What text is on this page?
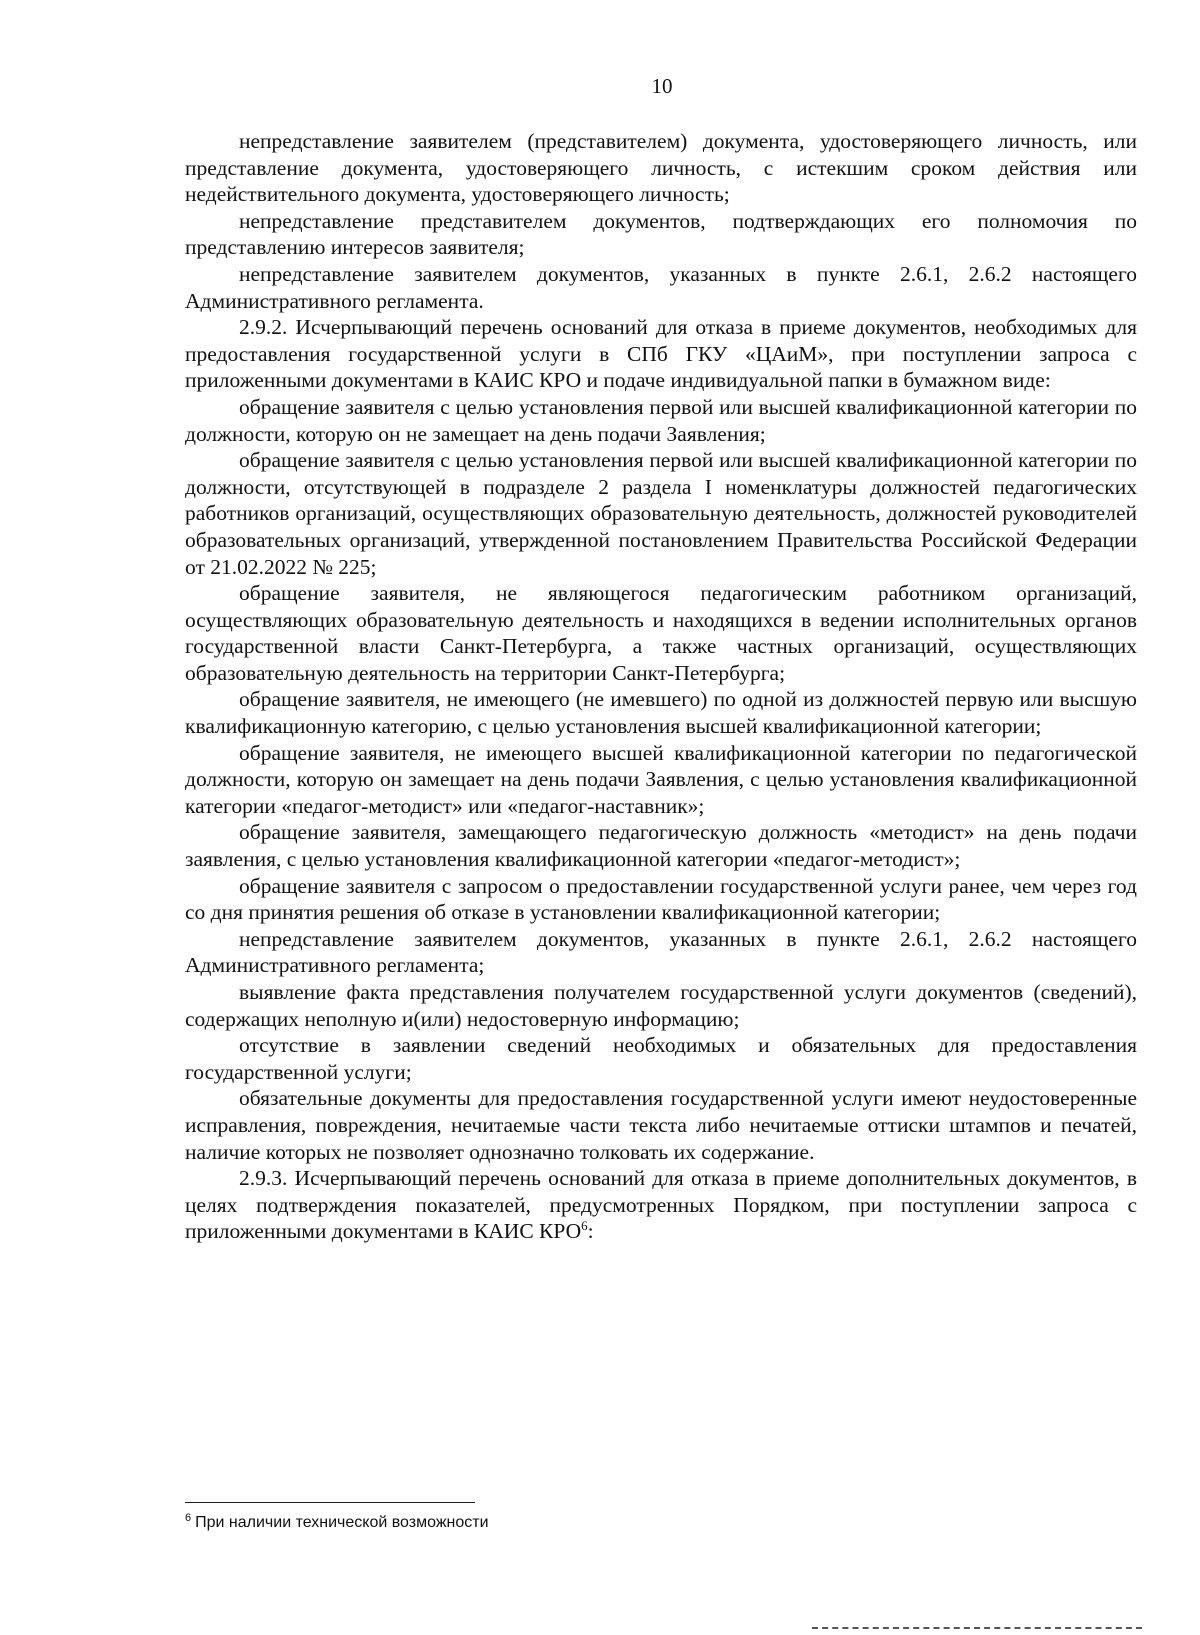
10

непредставление заявителем (представителем) документа, удостоверяющего личность, или представление документа, удостоверяющего личность, с истекшим сроком действия или недействительного документа, удостоверяющего личность;

непредставление представителем документов, подтверждающих его полномочия по представлению интересов заявителя;

непредставление заявителем документов, указанных в пункте 2.6.1, 2.6.2 настоящего Административного регламента.

2.9.2. Исчерпывающий перечень оснований для отказа в приеме документов, необходимых для предоставления государственной услуги в СПб ГКУ «ЦАиМ», при поступлении запроса с приложенными документами в КАИС КРО и подаче индивидуальной папки в бумажном виде:

обращение заявителя с целью установления первой или высшей квалификационной категории по должности, которую он не замещает на день подачи Заявления;

обращение заявителя с целью установления первой или высшей квалификационной категории по должности, отсутствующей в подразделе 2 раздела I номенклатуры должностей педагогических работников организаций, осуществляющих образовательную деятельность, должностей руководителей образовательных организаций, утвержденной постановлением Правительства Российской Федерации от 21.02.2022 № 225;

обращение заявителя, не являющегося педагогическим работником организаций, осуществляющих образовательную деятельность и находящихся в ведении исполнительных органов государственной власти Санкт-Петербурга, а также частных организаций, осуществляющих образовательную деятельность на территории Санкт-Петербурга;

обращение заявителя, не имеющего (не имевшего) по одной из должностей первую или высшую квалификационную категорию, с целью установления высшей квалификационной категории;

обращение заявителя, не имеющего высшей квалификационной категории по педагогической должности, которую он замещает на день подачи Заявления, с целью установления квалификационной категории «педагог-методист» или «педагог-наставник»;

обращение заявителя, замещающего педагогическую должность «методист» на день подачи заявления, с целью установления квалификационной категории «педагог-методист»;

обращение заявителя с запросом о предоставлении государственной услуги ранее, чем через год со дня принятия решения об отказе в установлении квалификационной категории;

непредставление заявителем документов, указанных в пункте 2.6.1, 2.6.2 настоящего Административного регламента;

выявление факта представления получателем государственной услуги документов (сведений), содержащих неполную и(или) недостоверную информацию;

отсутствие в заявлении сведений необходимых и обязательных для предоставления государственной услуги;

обязательные документы для предоставления государственной услуги имеют неудостоверенные исправления, повреждения, нечитаемые части текста либо нечитаемые оттиски штампов и печатей, наличие которых не позволяет однозначно толковать их содержание.

2.9.3. Исчерпывающий перечень оснований для отказа в приеме дополнительных документов, в целях подтверждения показателей, предусмотренных Порядком, при поступлении запроса с приложенными документами в КАИС КРО$^6$:

$^6$ При наличии технической возможности
